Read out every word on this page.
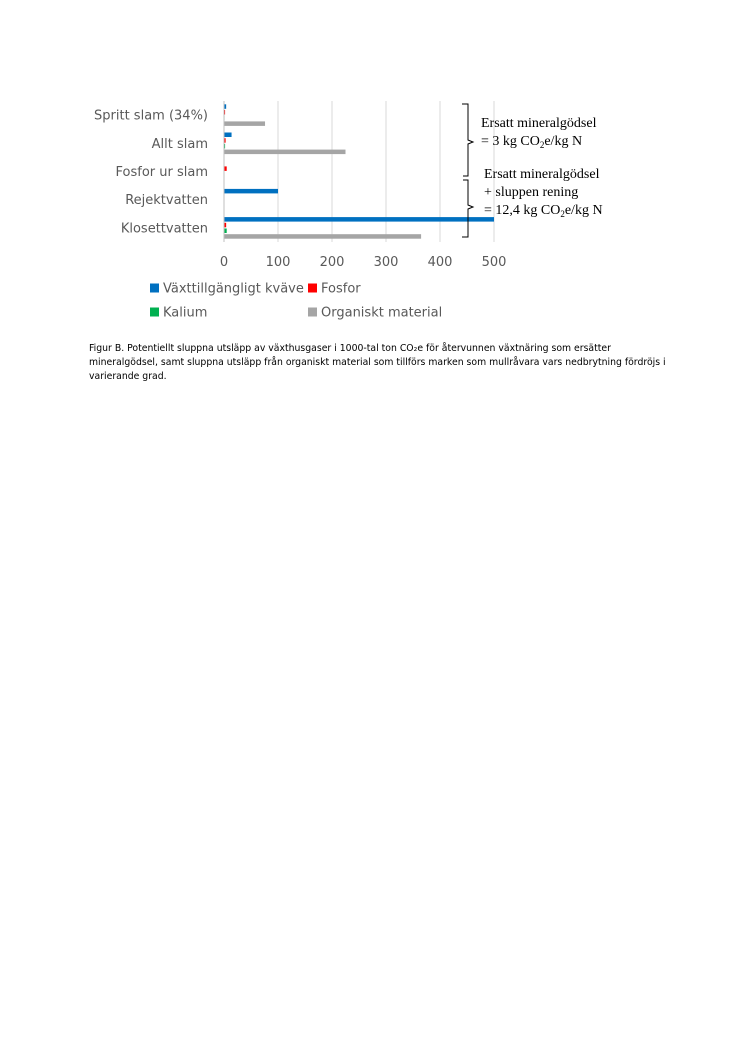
Spritt slam (34%)
Allt slam
Fosfor ur slam
Rejektvatten
Klosettvatten
0	100 200 300 400 500
Växttillgängligt kväve Fosfor
Kalium	Organiskt material
Ersatt mineralgödsel
= 3 kg $CO_2e/kg$ N
Ersatt mineralgödsel
+ sluppen rening
= 12,4 kg $CO_2e/kg$ N
Figur B. Potentiellt sluppna utsläpp av växthusgaser i 1000-tal ton CO₂e för återvunnen växtnäring som ersätter mineralgödsel, samt sluppna utsläpp från organiskt material som tillförs marken som mullråvara vars nedbrytning fördröjs i varierande grad.
